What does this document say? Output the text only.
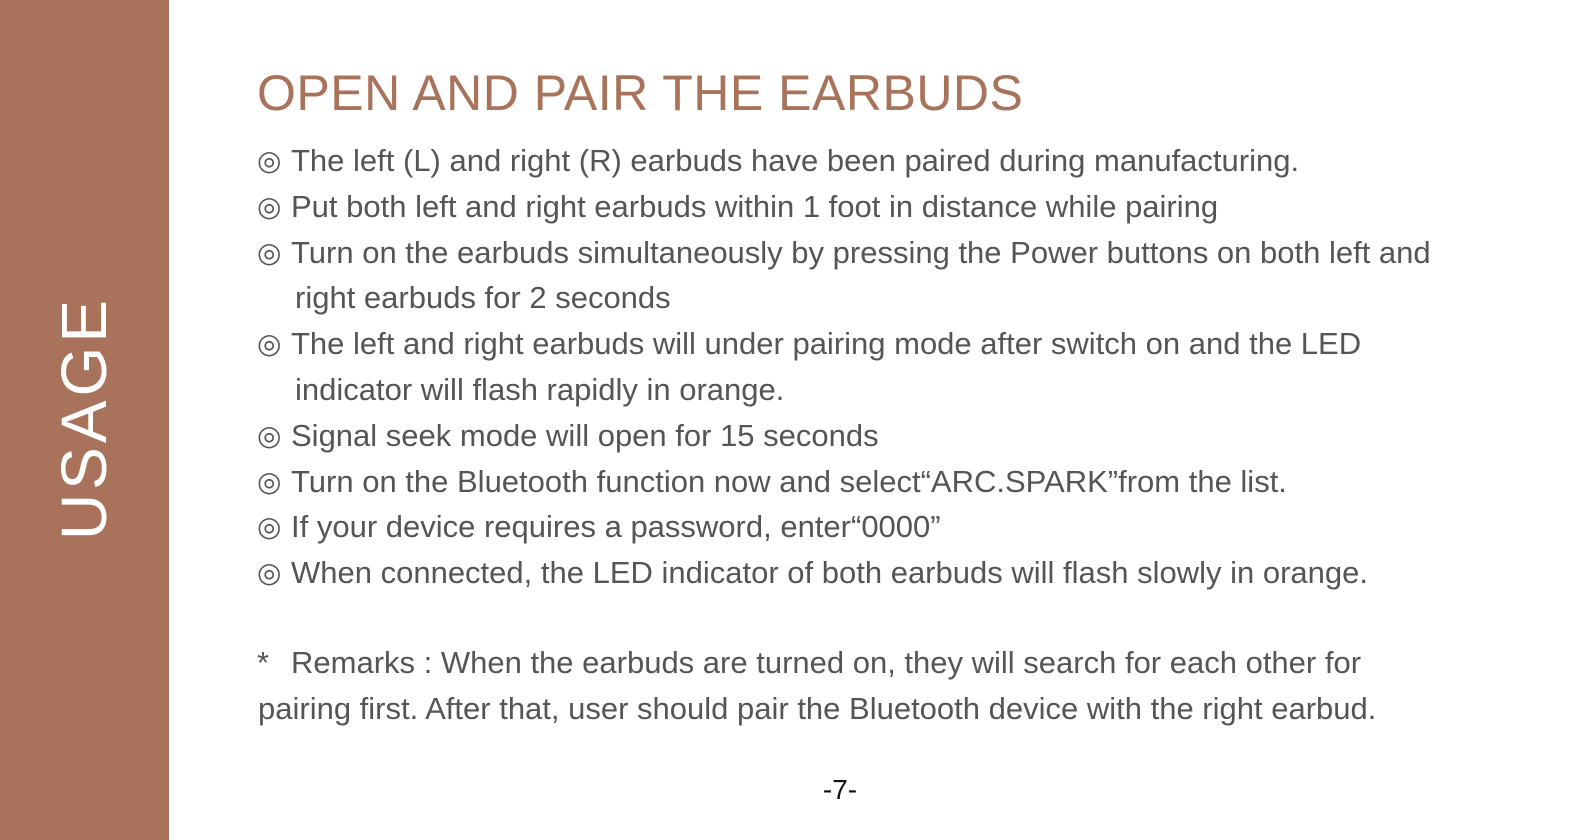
USAGE
OPEN AND PAIR THE EARBUDS
◎ The left (L) and right (R) earbuds have been paired during manufacturing.
◎ Put both left and right earbuds within 1 foot in distance while pairing
◎ Turn on the earbuds simultaneously by pressing the Power buttons on both left and
right earbuds for 2 seconds
◎ The left and right earbuds will under pairing mode after switch on and the LED
indicator will flash rapidly in orange.
◎ Signal seek mode will open for 15 seconds
◎ Turn on the Bluetooth function now and select“ARC.SPARK”from the list.
◎ If your device requires a password, enter“0000”
◎ When connected, the LED indicator of both earbuds will flash slowly in orange.
* Remarks : When the earbuds are turned on, they will search for each other for
pairing first. After that, user should pair the Bluetooth device with the right earbud.
-7-
